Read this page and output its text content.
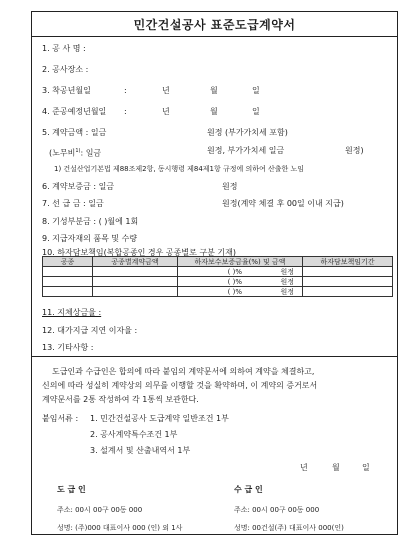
민간건설공사 표준도급계약서
1. 공 사 명 :
2. 공사장소 :
3. 착공년월일	:	년	월	일
4. 준공예정년월일 :	년	월	일
5. 계약금액 : 일금	원정 (부가가치세 포함)
(노무비$^{1)}$: 일금	원정, 부가가치세 일금	원정)
1) 건설산업기본법 제88조제2항, 동시행령 제84제1항 규정에 의하여 산출한 노임
6. 계약보증금 : 일금	원정
7. 선 급 금 : 일금	원정(계약 체결 후 00일 이내 지급)
8. 기성부분금 : ( )월에 1회
9. 지급자재의 품목 및 수량
10. 하자담보책임(복합공종인 경우 공종별로 구분 기재)
공종	공종별계약금액	하자보수보증금율(%) 및 금액	하자담보책임기간
		( )% 원정	
		( )% 원정	
		( )% 원정	
11. 지체상금율 :
12. 대가지급 지연 이자율 :
13. 기타사항 :
도급인과 수급인은 합의에 따라 붙임의 계약문서에 의하여 계약을 체결하고,
신의에 따라 성실히 계약상의 의무를 이행할 것을 확약하며, 이 계약의 증거로서
계약문서를 2통 작성하여 각 1통씩 보관한다.
붙임서류 : 1. 민간건설공사 도급계약 일반조건 1부
2. 공사계약특수조건 1부
3. 설계서 및 산출내역서 1부
년	월	일
도 급 인
주소: 00시 00구 00동 000
성명: (주)000 대표이사 000 (인) 외 1사
수 급 인
주소: 00시 00구 00동 000
성명: 00건설(주) 대표이사 000(인)
